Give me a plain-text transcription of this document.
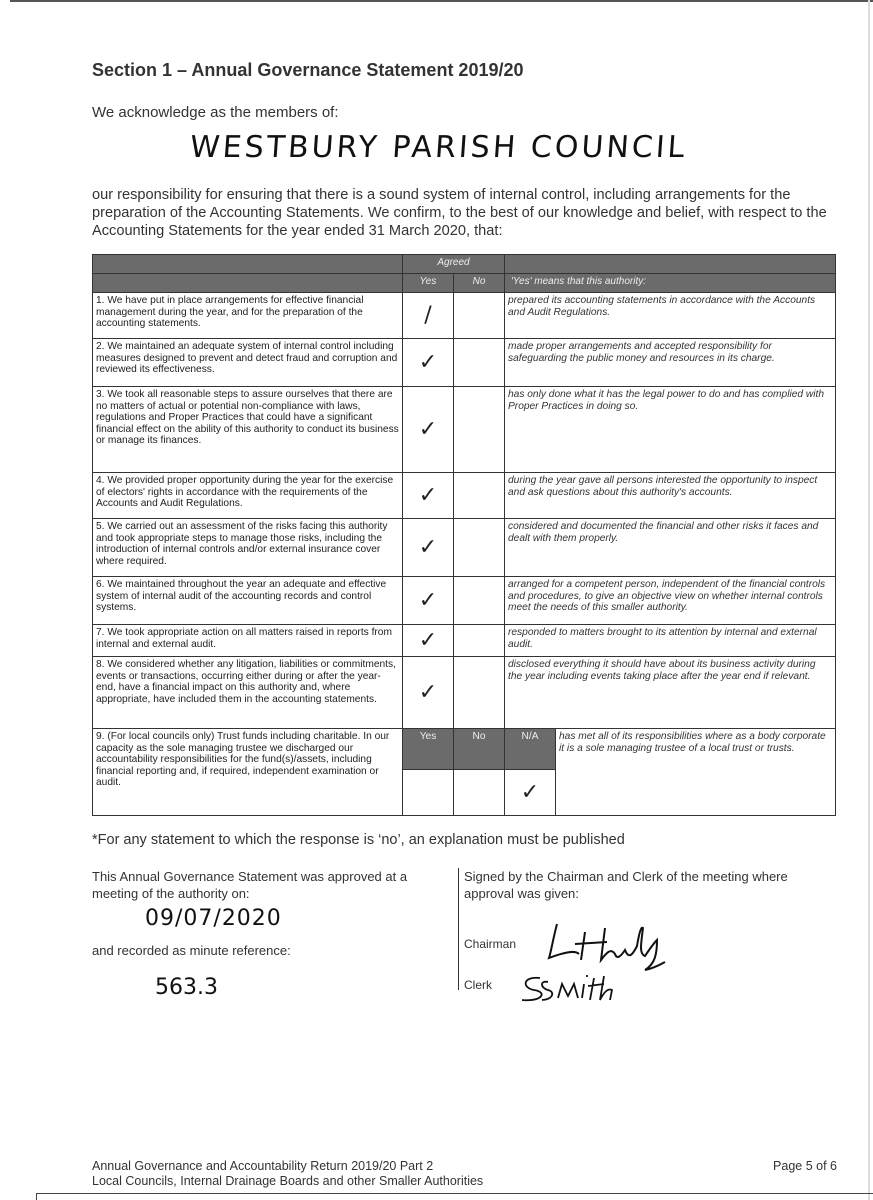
Section 1 – Annual Governance Statement 2019/20
We acknowledge as the members of:
WESTBURY PARISH COUNCIL
our responsibility for ensuring that there is a sound system of internal control, including arrangements for the preparation of the Accounting Statements. We confirm, to the best of our knowledge and belief, with respect to the Accounting Statements for the year ended 31 March 2020, that:
	Agreed			
	Yes	No	'Yes' means that this authority:	
1. We have put in place arrangements for effective financial management during the year, and for the preparation of the accounting statements.	/		prepared its accounting statements in accordance with the Accounts and Audit Regulations.	
2. We maintained an adequate system of internal control including measures designed to prevent and detect fraud and corruption and reviewed its effectiveness.	✓		made proper arrangements and accepted responsibility for safeguarding the public money and resources in its charge.	
3. We took all reasonable steps to assure ourselves that there are no matters of actual or potential non-compliance with laws, regulations and Proper Practices that could have a significant financial effect on the ability of this authority to conduct its business or manage its finances.	✓		has only done what it has the legal power to do and has complied with Proper Practices in doing so.	
4. We provided proper opportunity during the year for the exercise of electors' rights in accordance with the requirements of the Accounts and Audit Regulations.	✓		during the year gave all persons interested the opportunity to inspect and ask questions about this authority's accounts.	
5. We carried out an assessment of the risks facing this authority and took appropriate steps to manage those risks, including the introduction of internal controls and/or external insurance cover where required.	✓		considered and documented the financial and other risks it faces and dealt with them properly.	
6. We maintained throughout the year an adequate and effective system of internal audit of the accounting records and control systems.	✓		arranged for a competent person, independent of the financial controls and procedures, to give an objective view on whether internal controls meet the needs of this smaller authority.	
7. We took appropriate action on all matters raised in reports from internal and external audit.	✓		responded to matters brought to its attention by internal and external audit.	
8. We considered whether any litigation, liabilities or commitments, events or transactions, occurring either during or after the year-end, have a financial impact on this authority and, where appropriate, have included them in the accounting statements.	✓		disclosed everything it should have about its business activity during the year including events taking place after the year end if relevant.	
9. (For local councils only) Trust funds including charitable. In our capacity as the sole managing trustee we discharged our accountability responsibilities for the fund(s)/assets, including financial reporting and, if required, independent examination or audit.	Yes	No	N/A	has met all of its responsibilities where as a body corporate it is a sole managing trustee of a local trust or trusts.
			✓	
*For any statement to which the response is ‘no’, an explanation must be published
This Annual Governance Statement was approved at a meeting of the authority on:
09/07/2020
and recorded as minute reference:
563.3
Signed by the Chairman and Clerk of the meeting where approval was given:
Chairman
Clerk
Annual Governance and Accountability Return 2019/20 Part 2
Local Councils, Internal Drainage Boards and other Smaller Authorities
Page 5 of 6
